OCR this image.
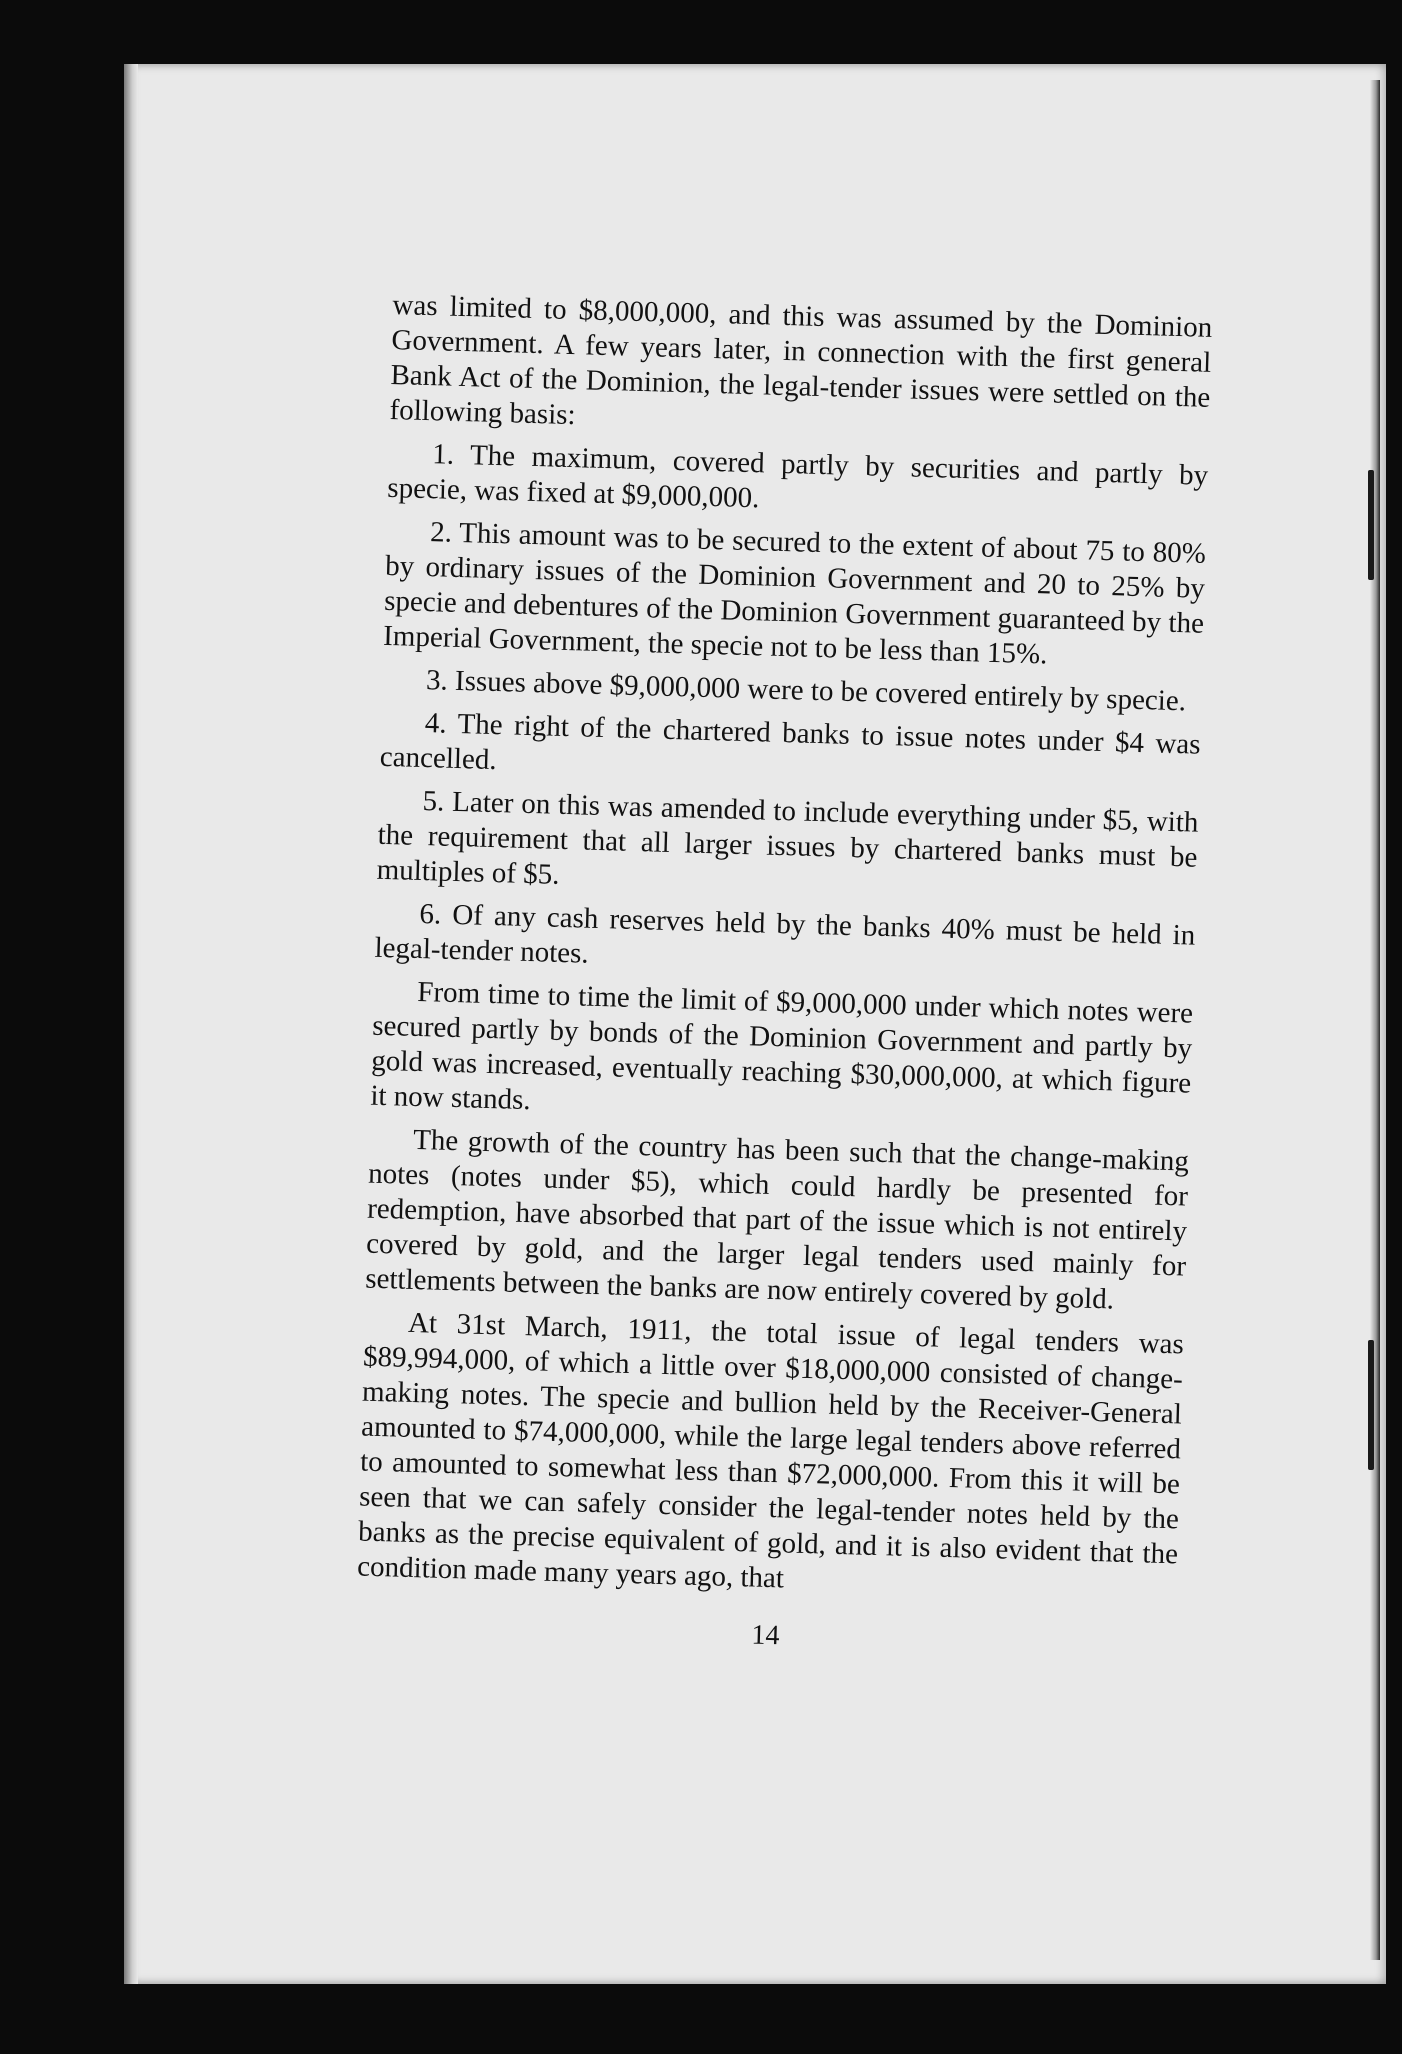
was limited to $8,000,000, and this was assumed by the Dominion Government. A few years later, in connection with the first general Bank Act of the Dominion, the legal-tender issues were settled on the following basis:

1. The maximum, covered partly by securities and partly by specie, was fixed at $9,000,000.

2. This amount was to be secured to the extent of about 75 to 80% by ordinary issues of the Dominion Government and 20 to 25% by specie and debentures of the Dominion Government guaranteed by the Imperial Government, the specie not to be less than 15%.

3. Issues above $9,000,000 were to be covered entirely by specie.

4. The right of the chartered banks to issue notes under $4 was cancelled.

5. Later on this was amended to include everything under $5, with the requirement that all larger issues by chartered banks must be multiples of $5.

6. Of any cash reserves held by the banks 40% must be held in legal-tender notes.

From time to time the limit of $9,000,000 under which notes were secured partly by bonds of the Dominion Government and partly by gold was increased, eventually reaching $30,000,000, at which figure it now stands.

The growth of the country has been such that the change-making notes (notes under $5), which could hardly be presented for redemption, have absorbed that part of the issue which is not entirely covered by gold, and the larger legal tenders used mainly for settlements between the banks are now entirely covered by gold.

At 31st March, 1911, the total issue of legal tenders was $89,994,000, of which a little over $18,000,000 consisted of change-making notes. The specie and bullion held by the Receiver-General amounted to $74,000,000, while the large legal tenders above referred to amounted to somewhat less than $72,000,000. From this it will be seen that we can safely consider the legal-tender notes held by the banks as the precise equivalent of gold, and it is also evident that the condition made many years ago, that

14
